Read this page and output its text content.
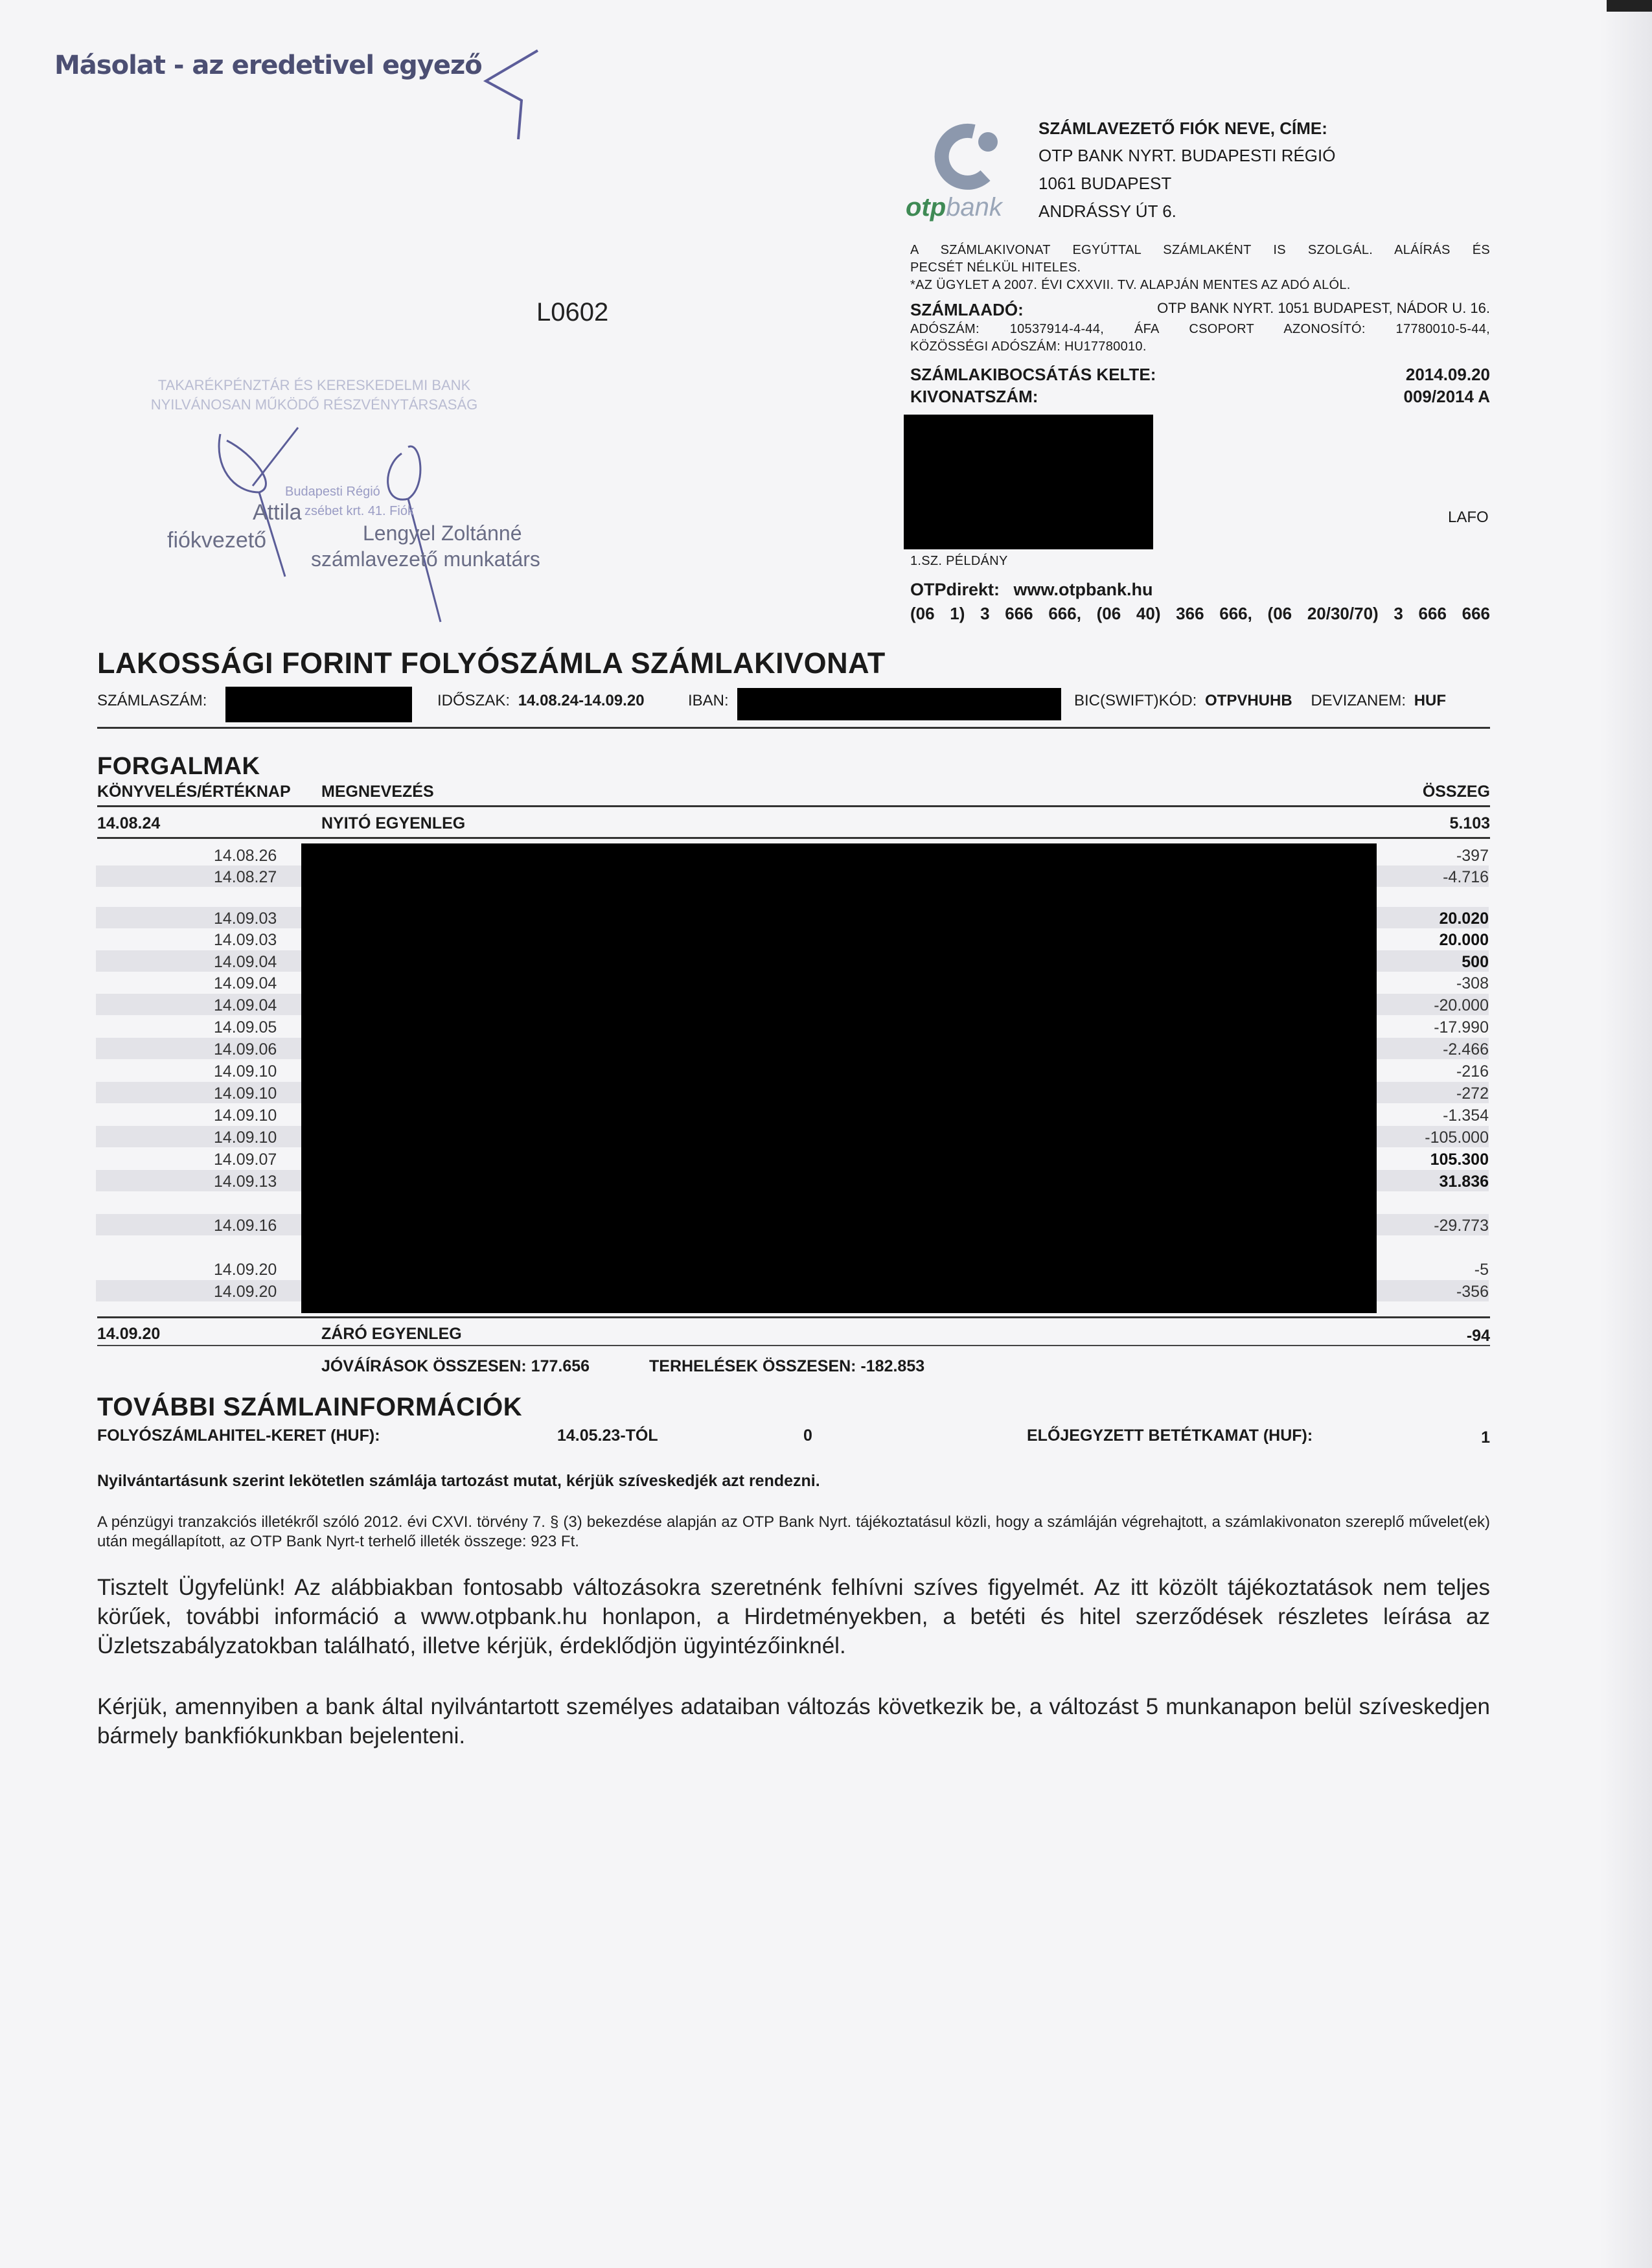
Másolat - az eredetivel egyező
L0602
TAKARÉKPÉNZTÁR ÉS KERESKEDELMI BANK
NYILVÁNOSAN MŰKÖDŐ RÉSZVÉNYTÁRSASÁG
Budapesti Régió
zsébet krt. 41. Fiók
Attila
fiókvezető	Lengyel Zoltánné
számlavezető munkatárs
otpbank
SZÁMLAVEZETŐ FIÓK NEVE, CÍME:
OTP BANK NYRT. BUDAPESTI RÉGIÓ
1061 BUDAPEST
ANDRÁSSY ÚT 6.
A SZÁMLAKIVONAT EGYÚTTAL SZÁMLAKÉNT IS SZOLGÁL. ALÁÍRÁS ÉS
PECSÉT NÉLKÜL HITELES.
*AZ ÜGYLET A 2007. ÉVI CXXVII. TV. ALAPJÁN MENTES AZ ADÓ ALÓL.
SZÁMLAADÓ:	OTP BANK NYRT. 1051 BUDAPEST, NÁDOR U. 16.
ADÓSZÁM: 10537914-4-44, ÁFA CSOPORT AZONOSÍTÓ: 17780010-5-44,
KÖZÖSSÉGI ADÓSZÁM: HU17780010.
SZÁMLAKIBOCSÁTÁS KELTE:	2014.09.20
KIVONATSZÁM:	009/2014 A
LAFO
1.SZ. PÉLDÁNY
OTPdirekt: www.otpbank.hu
(06 1) 3 666 666, (06 40) 366 666, (06 20/30/70) 3 666 666
LAKOSSÁGI FORINT FOLYÓSZÁMLA SZÁMLAKIVONAT
SZÁMLASZÁM:	IDŐSZAK: 14.08.24-14.09.20	IBAN:	BIC(SWIFT)KÓD: OTPVHUHB DEVIZANEM: HUF
FORGALMAK
KÖNYVELÉS/ÉRTÉKNAP MEGNEVEZÉS	ÖSSZEG
14.08.24	NYITÓ EGYENLEG	5.103
14.08.26	-397
14.08.27	-4.716
14.09.03	20.020
14.09.03	20.000
14.09.04	500
14.09.04	-308
14.09.04	-20.000
14.09.05	-17.990
14.09.06	-2.466
14.09.10	-216
14.09.10	-272
14.09.10	-1.354
14.09.10	-105.000
14.09.07	105.300
14.09.13	31.836
14.09.16	-29.773
14.09.20	-5
14.09.20	-356
14.09.20	ZÁRÓ EGYENLEG	-94
JÓVÁÍRÁSOK ÖSSZESEN: 177.656	TERHELÉSEK ÖSSZESEN: -182.853
TOVÁBBI SZÁMLAINFORMÁCIÓK
FOLYÓSZÁMLAHITEL-KERET (HUF):	14.05.23-TÓL	0	ELŐJEGYZETT BETÉTKAMAT (HUF):	1
Nyilvántartásunk szerint lekötetlen számlája tartozást mutat, kérjük szíveskedjék azt rendezni.
A pénzügyi tranzakciós illetékről szóló 2012. évi CXVI. törvény 7. § (3) bekezdése alapján az OTP Bank Nyrt. tájékoztatásul közli, hogy a számláján végrehajtott, a számlakivonaton szereplő művelet(ek) után megállapított, az OTP Bank Nyrt-t terhelő illeték összege: 923 Ft.
Tisztelt Ügyfelünk! Az alábbiakban fontosabb változásokra szeretnénk felhívni szíves figyelmét. Az itt közölt tájékoztatások nem teljes körűek, további információ a www.otpbank.hu honlapon, a Hirdetményekben, a betéti és hitel szerződések részletes leírása az Üzletszabályzatokban található, illetve kérjük, érdeklődjön ügyintézőinknél.
Kérjük, amennyiben a bank által nyilvántartott személyes adataiban változás következik be, a változást 5 munkanapon belül szíveskedjen bármely bankfiókunkban bejelenteni.
